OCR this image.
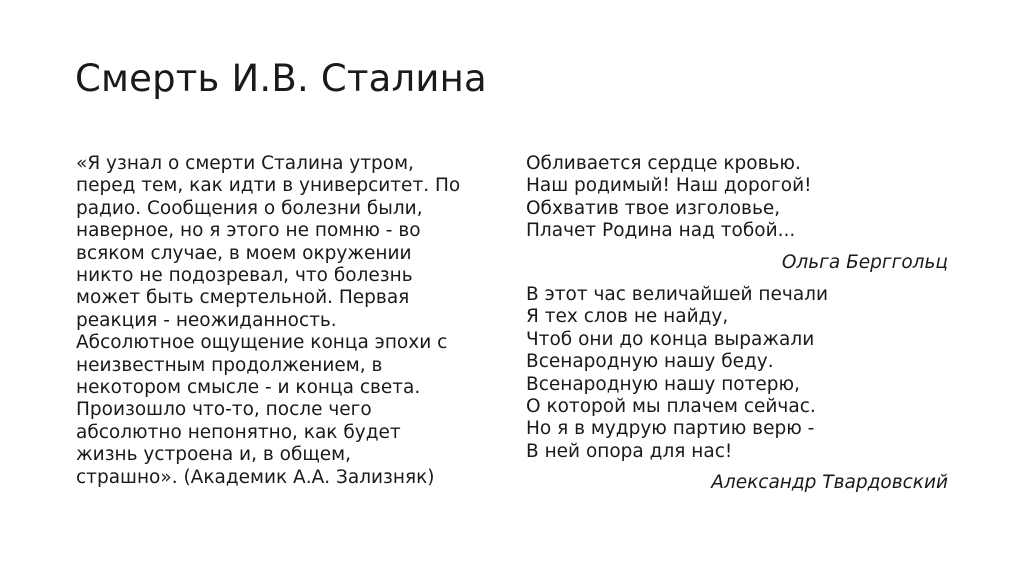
Смерть И.В. Сталина
«Я узнал о смерти Сталина утром,
перед тем, как идти в университет. По
радио. Сообщения о болезни были,
наверное, но я этого не помню - во
всяком случае, в моем окружении
никто не подозревал, что болезнь
может быть смертельной. Первая
реакция - неожиданность.
Абсолютное ощущение конца эпохи с
неизвестным продолжением, в
некотором смысле - и конца света.
Произошло что-то, после чего
абсолютно непонятно, как будет
жизнь устроена и, в общем,
страшно». (Академик А.А. Зализняк)
Обливается сердце кровью.
Наш родимый! Наш дорогой!
Обхватив твое изголовье,
Плачет Родина над тобой...
Ольга Берггольц
В этот час величайшей печали
Я тех слов не найду,
Чтоб они до конца выражали
Всенародную нашу беду.
Всенародную нашу потерю,
О которой мы плачем сейчас.
Но я в мудрую партию верю -
В ней опора для нас!
Александр Твардовский
